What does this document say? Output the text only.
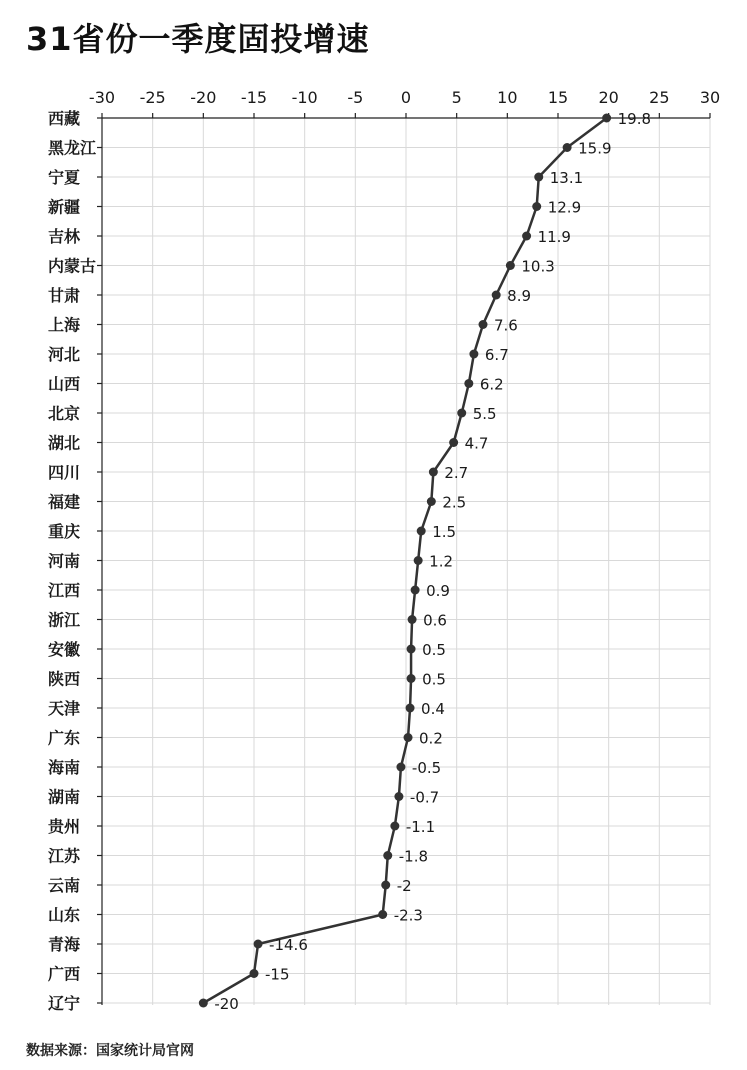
31省份一季度固投增速
-30 -25 -20 -15 -10 -5 0	5 10 15 20 25 30
西藏
黑龙江
宁夏
新疆
吉林
内蒙古
甘肃
上海
河北
山西
北京
湖北
四川
福建
重庆
河南
江西
浙江
安徽
陕西
天津
广东
海南
湖南
贵州
江苏
云南
山东
青海
广西
辽宁
19.8
15.9
13.1
12.9
11.9
10.3
8.9
7.6
6.7
6.2
5.5
4.7
2.7
2.5
1.5
1.2
0.9
0.6
0.5
0.5
0.4
0.2
-0.5
-0.7
-1.1
-1.8
-2
-2.3
-14.6
-15
-20
数据来源：国家统计局官网
